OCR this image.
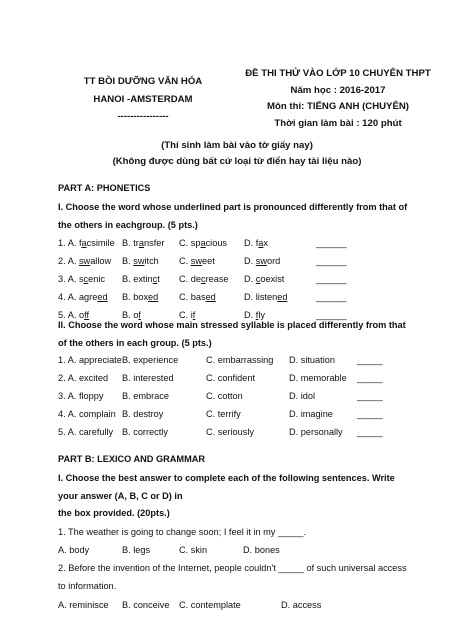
TT BỒI DƯỠNG VĂN HÓA
HANOI -AMSTERDAM
----------------
ĐỀ THI THỬ VÀO LỚP 10 CHUYÊN THPT
Năm học : 2016-2017
Môn thi: TIẾNG ANH (CHUYÊN)
Thời gian làm bài : 120 phút
(Thí sinh làm bài vào tờ giấy nay)
(Không được dùng bất cứ loại từ điển hay tài liệu nào)
PART A: PHONETICS
I. Choose the word whose underlined part is pronounced differently from that of
the others in eachgroup. (5 pts.)
1. A. facsimile B. transfer C. spacious D. fax	______
2. A. swallow B. switch C. sweet	D. sword	______
3. A. scenic B. extinct C. decrease D. coexist	______
4. A. agreed B. boxed C. based	D. listened	______
5. A. off	B. of	C. if	D. fly	______
II. Choose the word whose main stressed syllable is placed differently from that
of the others in each group. (5 pts.)
1. A. appreciate B. experience	C. embarrassing D. situation _____
2. A. excited B. interested	C. confident	D. memorable _____
3. A. floppy B. embrace	C. cotton	D. idol	_____
4. A. complain B. destroy	C. terrify	D. imagine	_____
5. A. carefully B. correctly	C. seriously	D. personally _____
PART B: LEXICO AND GRAMMAR
I. Choose the best answer to complete each of the following sentences. Write
your answer (A, B, C or D) in
the box provided. (20pts.)
1. The weather is going to change soon; I feel it in my _____.
A. body	B. legs	C. skin	D. bones
2. Before the invention of the Internet, people couldn't _____ of such universal access
to information.
A. reminisce B. conceive C. contemplate	D. access
